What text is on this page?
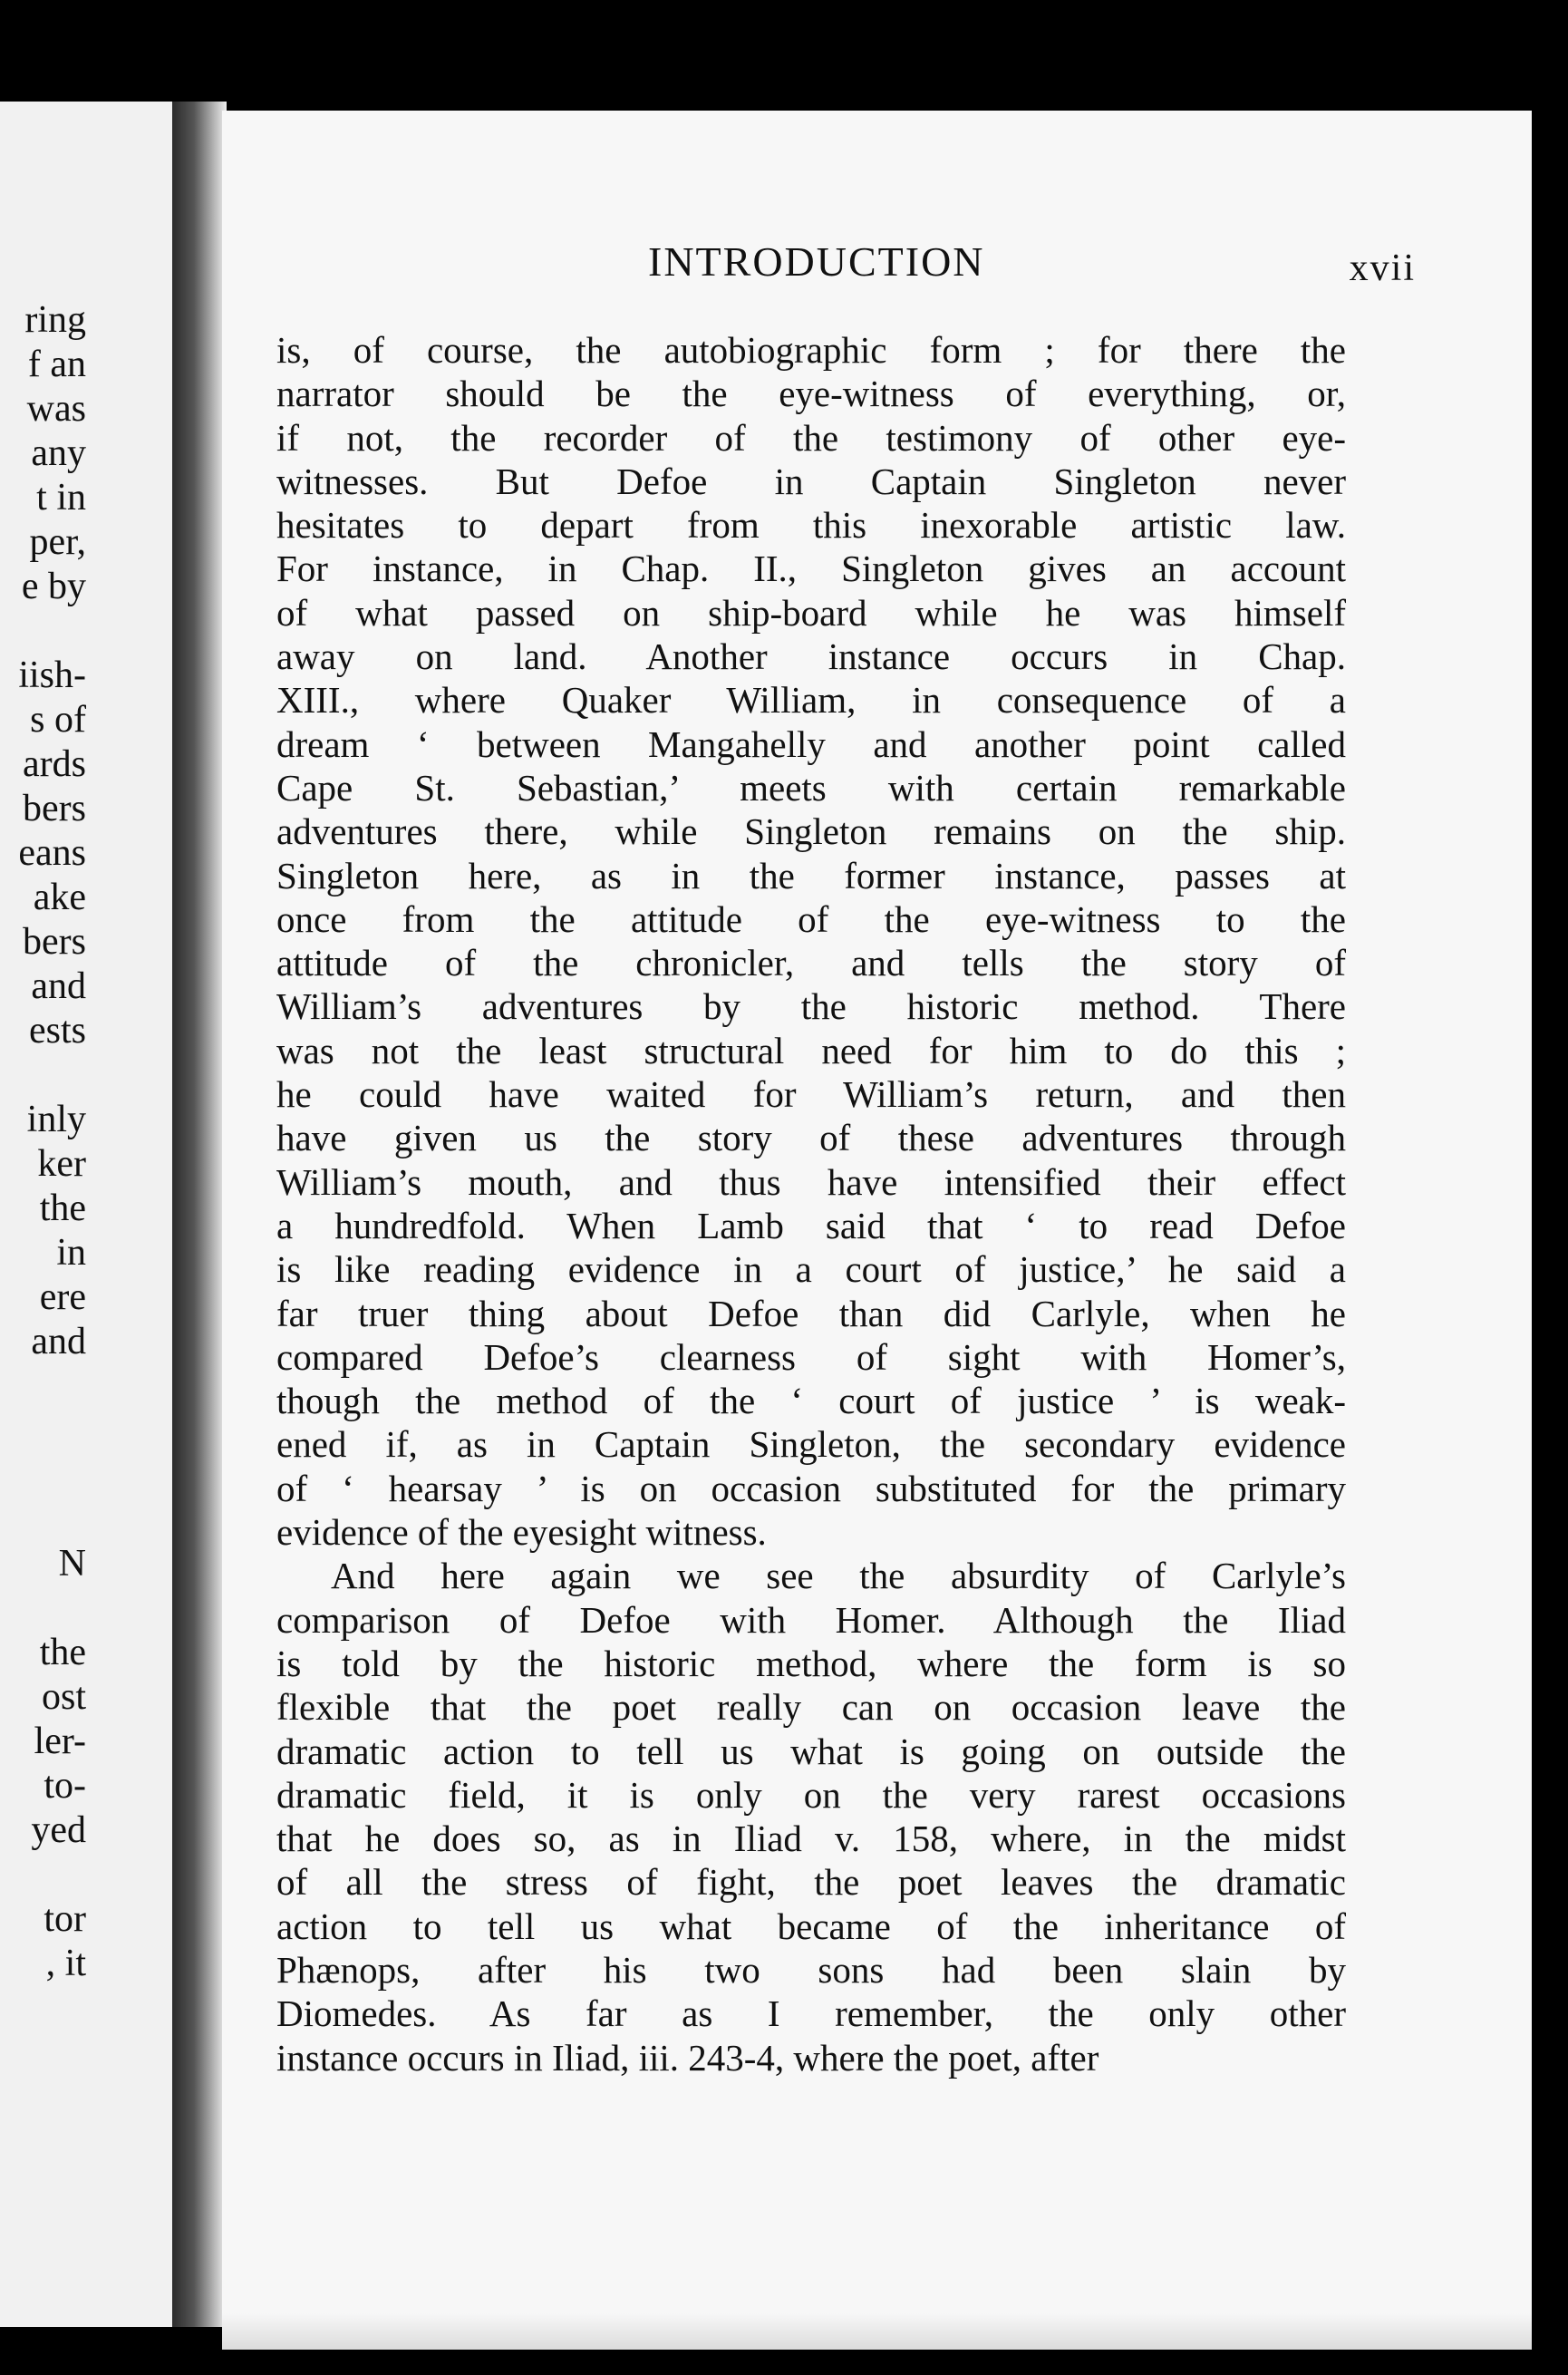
ring
f an
was
any
t in
per,
e by
iish-
s of
ards
bers
eans
ake
bers
and
ests
inly
ker
the
in
ere
and
N
the
ost
ler-
to-
yed
tor
, it
INTRODUCTION	xvii
is, of course, the autobiographic form ; for there the
narrator should be the eye-witness of everything, or,
if not, the recorder of the testimony of other eye-
witnesses. But Defoe in Captain Singleton never
hesitates to depart from this inexorable artistic law.
For instance, in Chap. II., Singleton gives an account
of what passed on ship-board while he was himself
away on land. Another instance occurs in Chap.
XIII., where Quaker William, in consequence of a
dream ‘ between Mangahelly and another point called
Cape St. Sebastian,’ meets with certain remarkable
adventures there, while Singleton remains on the ship.
Singleton here, as in the former instance, passes at
once from the attitude of the eye-witness to the
attitude of the chronicler, and tells the story of
William’s adventures by the historic method. There
was not the least structural need for him to do this ;
he could have waited for William’s return, and then
have given us the story of these adventures through
William’s mouth, and thus have intensified their effect
a hundredfold. When Lamb said that ‘ to read Defoe
is like reading evidence in a court of justice,’ he said a
far truer thing about Defoe than did Carlyle, when he
compared Defoe’s clearness of sight with Homer’s,
though the method of the ‘ court of justice ’ is weak-
ened if, as in Captain Singleton, the secondary evidence
of ‘ hearsay ’ is on occasion substituted for the primary
evidence of the eyesight witness.
And here again we see the absurdity of Carlyle’s
comparison of Defoe with Homer. Although the Iliad
is told by the historic method, where the form is so
flexible that the poet really can on occasion leave the
dramatic action to tell us what is going on outside the
dramatic field, it is only on the very rarest occasions
that he does so, as in Iliad v. 158, where, in the midst
of all the stress of fight, the poet leaves the dramatic
action to tell us what became of the inheritance of
Phænops, after his two sons had been slain by
Diomedes. As far as I remember, the only other
instance occurs in Iliad, iii. 243-4, where the poet, after
